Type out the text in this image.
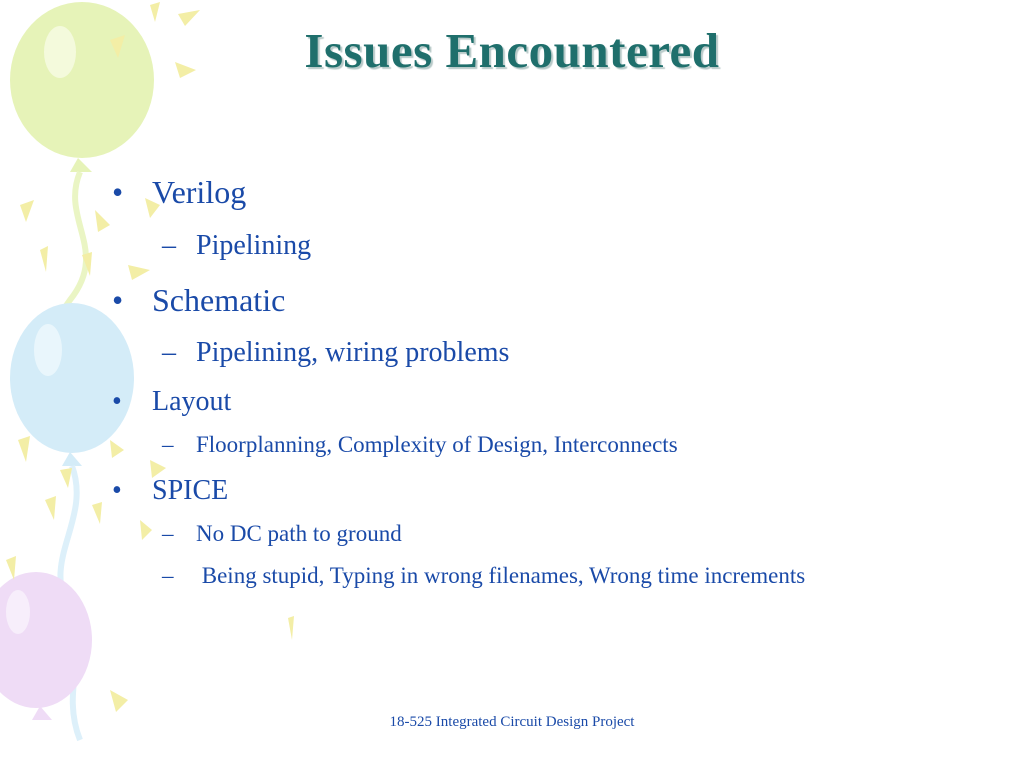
Issues Encountered
• Verilog
– Pipelining
• Schematic
– Pipelining, wiring problems
•	Layout
– Floorplanning, Complexity of Design, Interconnects
•	SPICE
– No DC path to ground
– Being stupid, Typing in wrong filenames, Wrong time increments
18-525 Integrated Circuit Design Project
